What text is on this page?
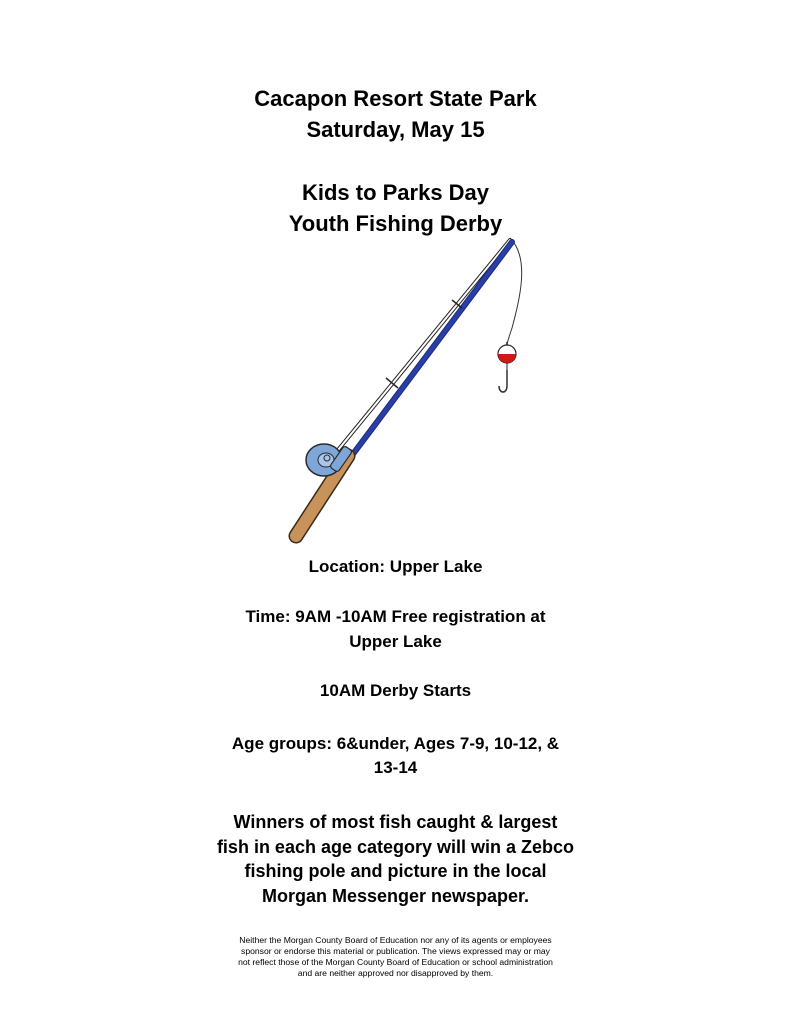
Cacapon Resort State Park
Saturday, May 15
Kids to Parks Day
Youth Fishing Derby
Location: Upper Lake
Time: 9AM -10AM Free registration at
Upper Lake
10AM Derby Starts
Age groups: 6&under, Ages 7-9, 10-12, &
13-14
Winners of most fish caught & largest
fish in each age category will win a Zebco
fishing pole and picture in the local
Morgan Messenger newspaper.
Neither the Morgan County Board of Education nor any of its agents or employees
sponsor or endorse this material or publication. The views expressed may or may
not reflect those of the Morgan County Board of Education or school administration
and are neither approved nor disapproved by them.
